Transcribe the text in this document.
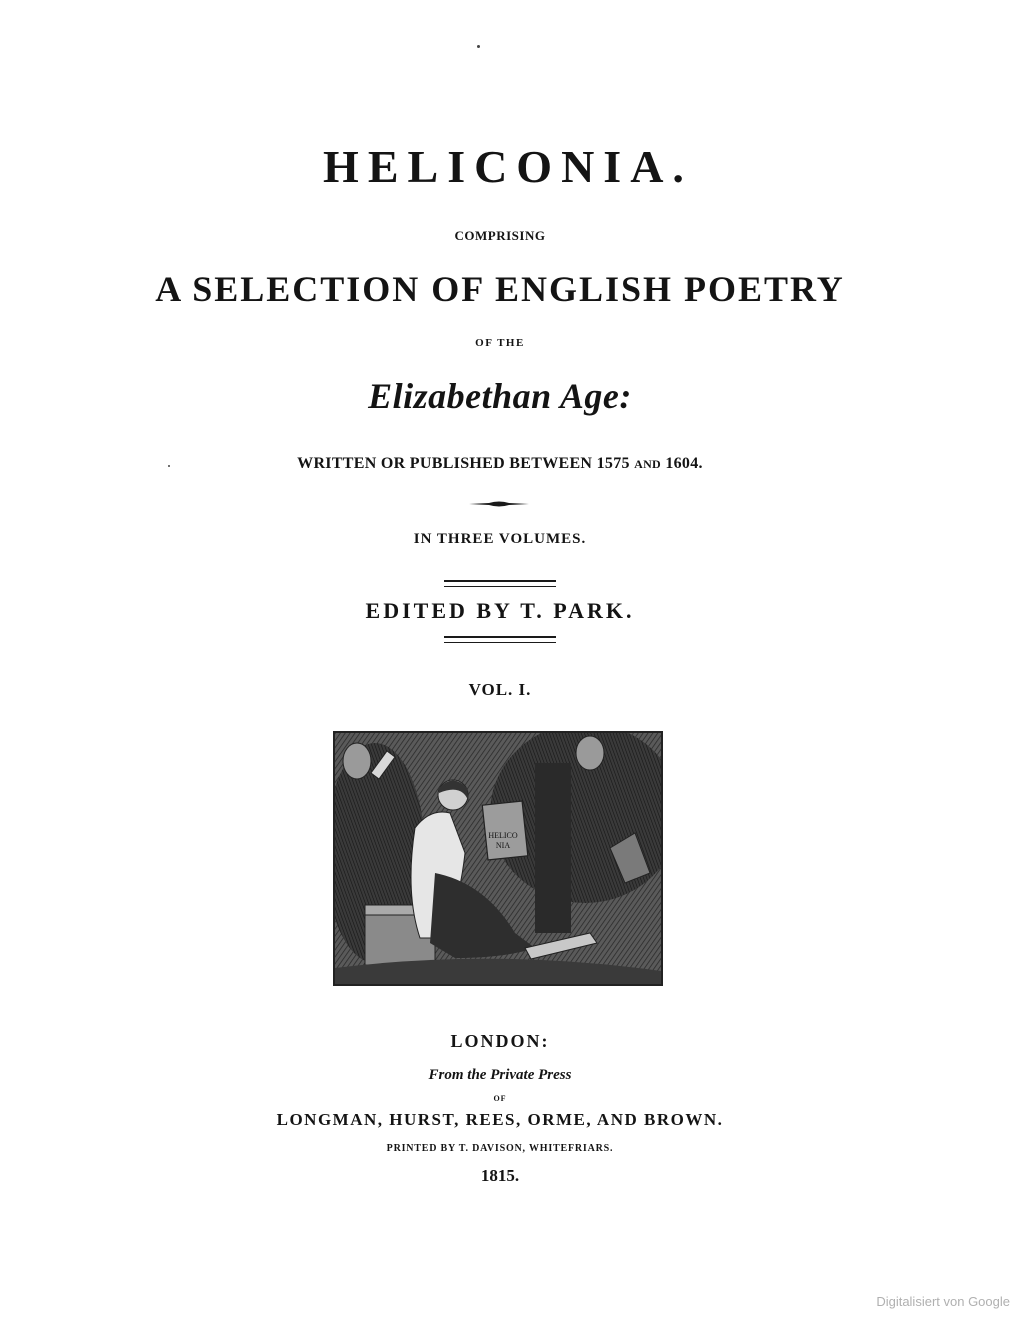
HELICONIA.
COMPRISING
A SELECTION OF ENGLISH POETRY
OF THE
Elizabethan Age:
WRITTEN OR PUBLISHED BETWEEN 1575 AND 1604.
IN THREE VOLUMES.
EDITED BY T. PARK.
VOL. I.
HELICO
NIA
LONDON:
From the Private Press
OF
LONGMAN, HURST, REES, ORME, AND BROWN.
PRINTED BY T. DAVISON, WHITEFRIARS.
1815.
Digitalisiert von Google
